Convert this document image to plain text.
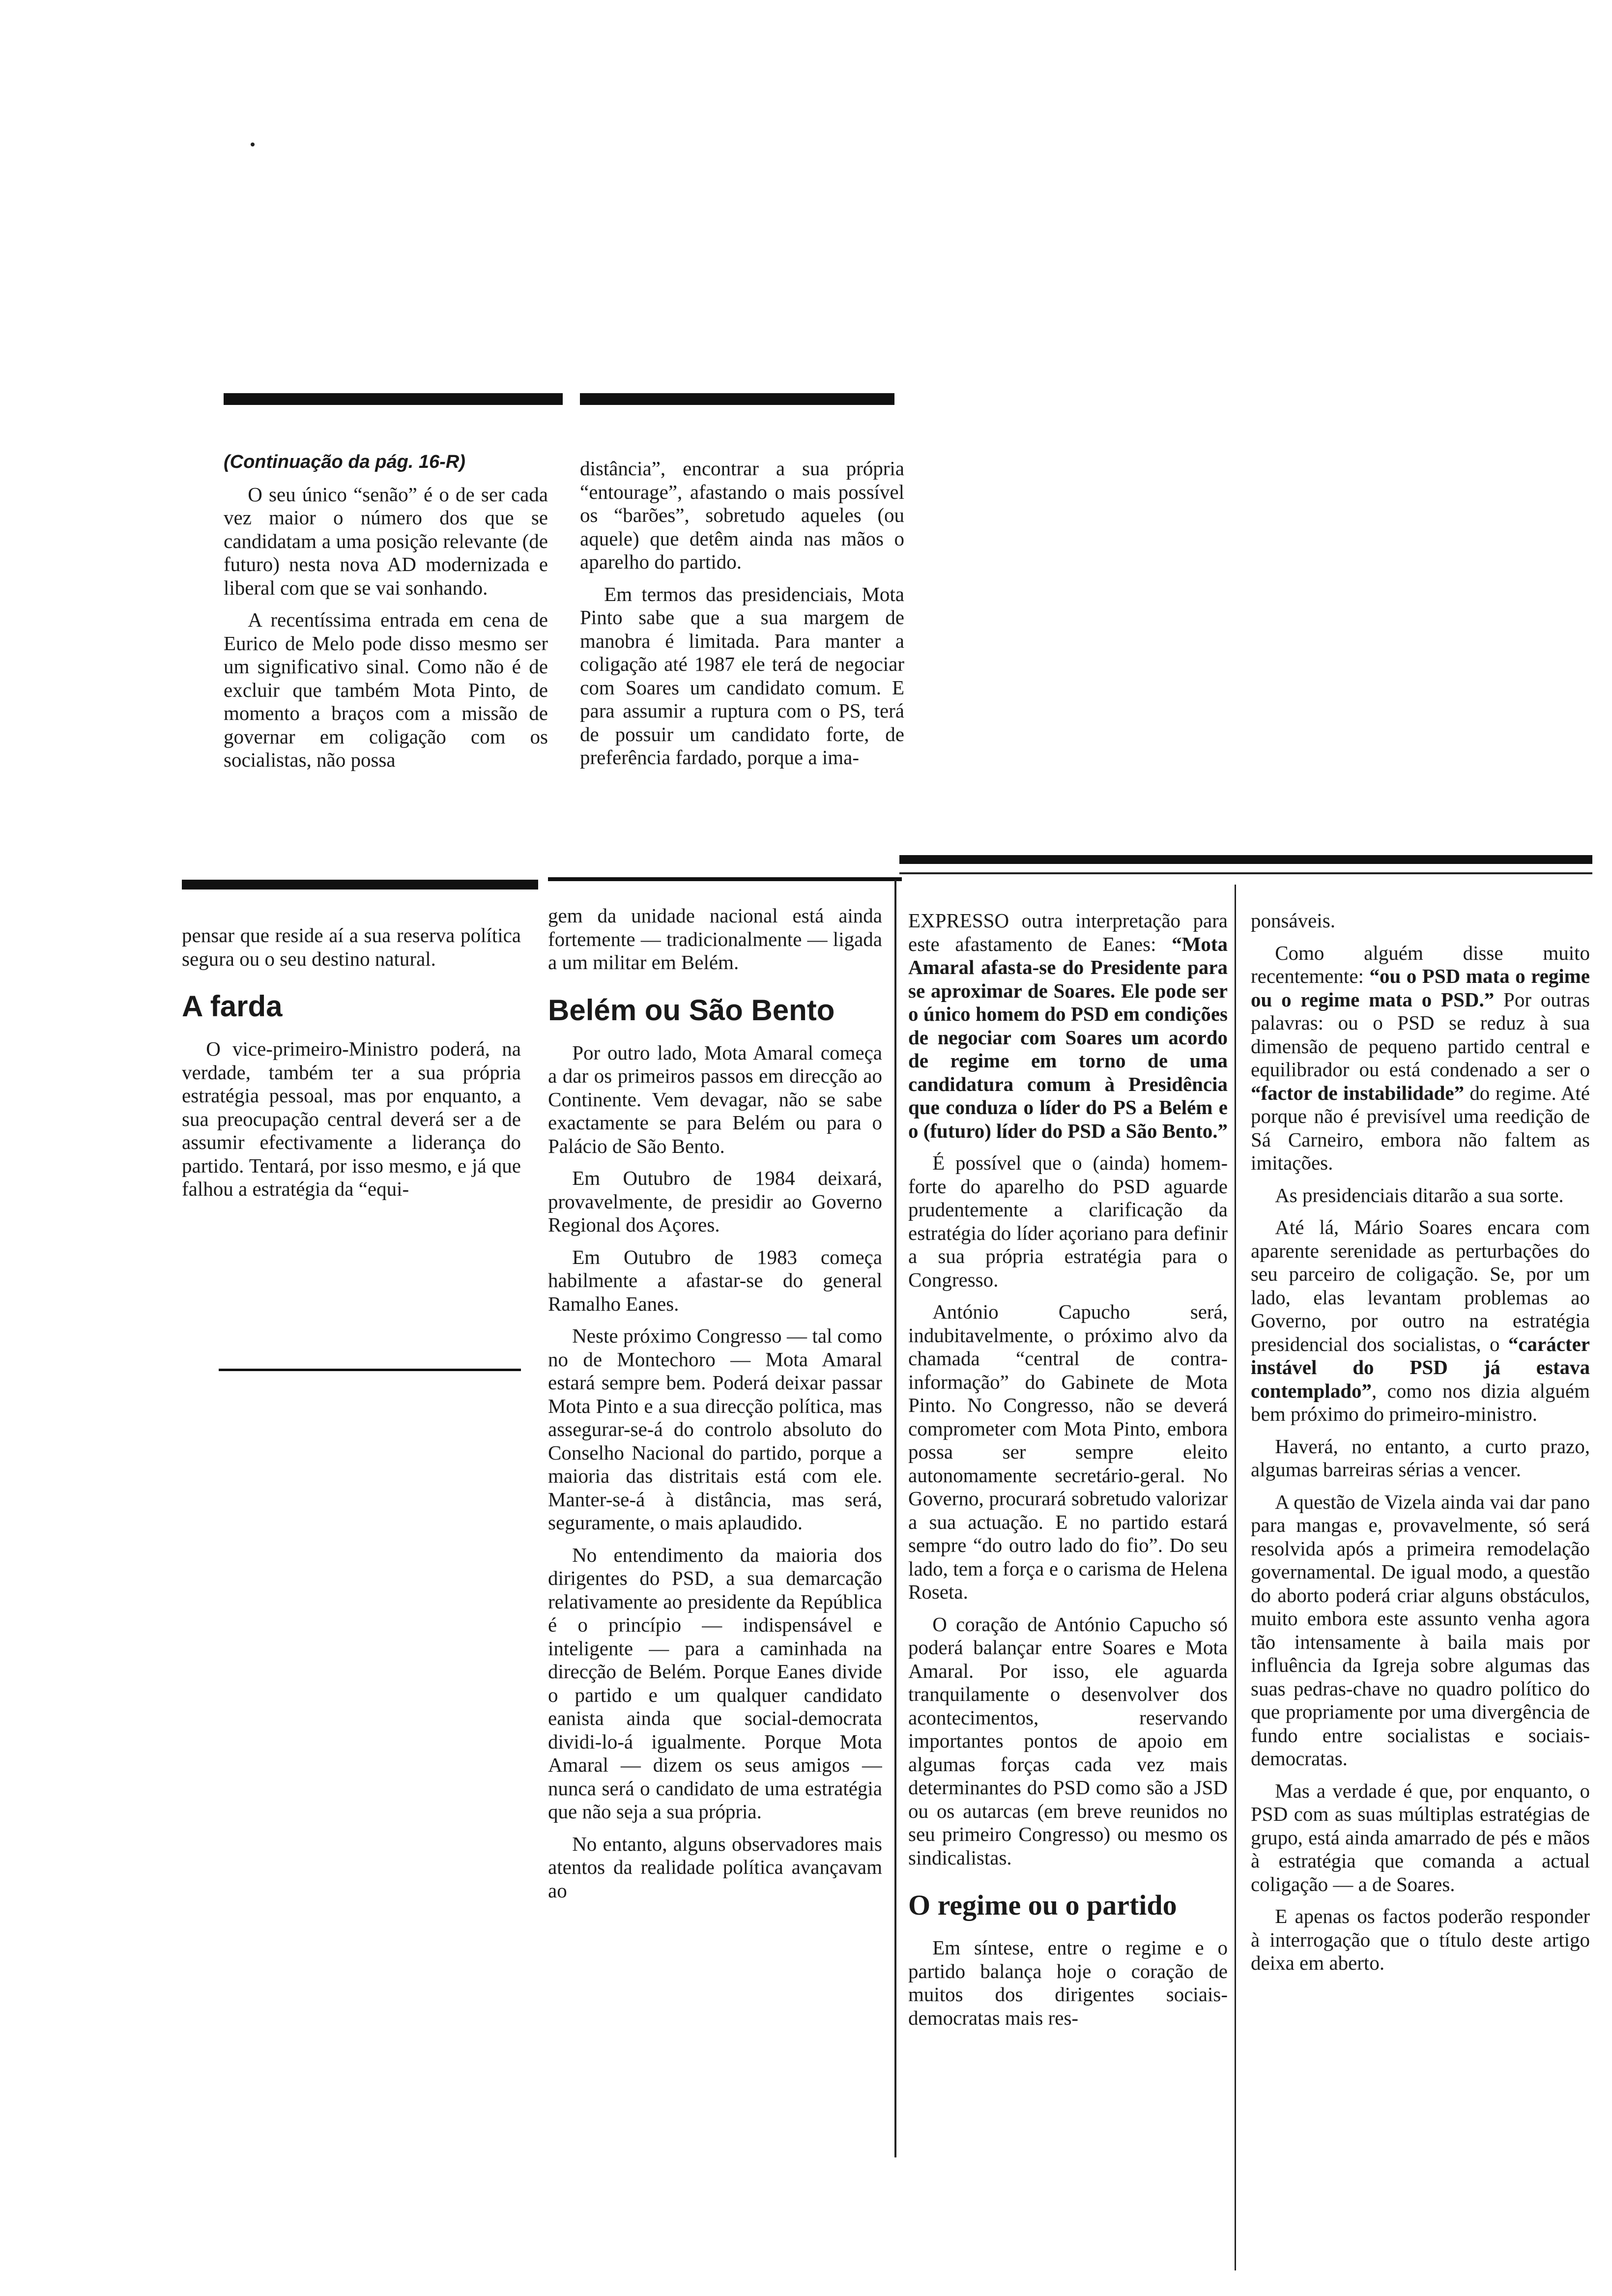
(Continuação da pág. 16-R)

O seu único “senão” é o de ser cada vez maior o número dos que se candidatam a uma posição relevante (de futuro) nesta nova AD modernizada e liberal com que se vai sonhando.

A recentíssima entrada em cena de Eurico de Melo pode disso mesmo ser um significativo sinal. Como não é de excluir que também Mota Pinto, de momento a braços com a missão de governar em coligação com os socialistas, não possa

distância”, encontrar a sua própria “entourage”, afastando o mais possível os “barões”, sobretudo aqueles (ou aquele) que detêm ainda nas mãos o aparelho do partido.

Em termos das presidenciais, Mota Pinto sabe que a sua margem de manobra é limitada. Para manter a coligação até 1987 ele terá de negociar com Soares um candidato comum. E para assumir a ruptura com o PS, terá de possuir um candidato forte, de preferência fardado, porque a ima-

pensar que reside aí a sua reserva política segura ou o seu destino natural.

A farda

O vice-primeiro-Ministro poderá, na verdade, também ter a sua própria estratégia pessoal, mas por enquanto, a sua preocupação central deverá ser a de assumir efectivamente a liderança do partido. Tentará, por isso mesmo, e já que falhou a estratégia da “equi-

gem da unidade nacional está ainda fortemente — tradicionalmente — ligada a um militar em Belém.

Belém ou São Bento

Por outro lado, Mota Amaral começa a dar os primeiros passos em direcção ao Continente. Vem devagar, não se sabe exactamente se para Belém ou para o Palácio de São Bento.

Em Outubro de 1984 deixará, provavelmente, de presidir ao Governo Regional dos Açores.

Em Outubro de 1983 começa habilmente a afastar-se do general Ramalho Eanes.

Neste próximo Congresso — tal como no de Montechoro — Mota Amaral estará sempre bem. Poderá deixar passar Mota Pinto e a sua direcção política, mas assegurar-se-á do controlo absoluto do Conselho Nacional do partido, porque a maioria das distritais está com ele. Manter-se-á à distância, mas será, seguramente, o mais aplaudido.

No entendimento da maioria dos dirigentes do PSD, a sua demarcação relativamente ao presidente da República é o princípio — indispensável e inteligente — para a caminhada na direcção de Belém. Porque Eanes divide o partido e um qualquer candidato eanista ainda que social-democrata dividi-lo-á igualmente. Porque Mota Amaral — dizem os seus amigos — nunca será o candidato de uma estratégia que não seja a sua própria.

No entanto, alguns observadores mais atentos da realidade política avançavam ao

EXPRESSO outra interpretação para este afastamento de Eanes: “Mota Amaral afasta-se do Presidente para se aproximar de Soares. Ele pode ser o único homem do PSD em condições de negociar com Soares um acordo de regime em torno de uma candidatura comum à Presidência que conduza o líder do PS a Belém e o (futuro) líder do PSD a São Bento.”

É possível que o (ainda) homem-forte do aparelho do PSD aguarde prudentemente a clarificação da estratégia do líder açoriano para definir a sua própria estratégia para o Congresso.

António Capucho será, indubitavelmente, o próximo alvo da chamada “central de contra-informação” do Gabinete de Mota Pinto. No Congresso, não se deverá comprometer com Mota Pinto, embora possa ser sempre eleito autonomamente secretário-geral. No Governo, procurará sobretudo valorizar a sua actuação. E no partido estará sempre “do outro lado do fio”. Do seu lado, tem a força e o carisma de Helena Roseta.

O coração de António Capucho só poderá balançar entre Soares e Mota Amaral. Por isso, ele aguarda tranquilamente o desenvolver dos acontecimentos, reservando importantes pontos de apoio em algumas forças cada vez mais determinantes do PSD como são a JSD ou os autarcas (em breve reunidos no seu primeiro Congresso) ou mesmo os sindicalistas.

O regime ou o partido

Em síntese, entre o regime e o partido balança hoje o coração de muitos dos dirigentes sociais-democratas mais res-

ponsáveis.

Como alguém disse muito recentemente: “ou o PSD mata o regime ou o regime mata o PSD.” Por outras palavras: ou o PSD se reduz à sua dimensão de pequeno partido central e equilibrador ou está condenado a ser o “factor de instabilidade” do regime. Até porque não é previsível uma reedição de Sá Carneiro, embora não faltem as imitações.

As presidenciais ditarão a sua sorte.

Até lá, Mário Soares encara com aparente serenidade as perturbações do seu parceiro de coligação. Se, por um lado, elas levantam problemas ao Governo, por outro na estratégia presidencial dos socialistas, o “carácter instável do PSD já estava contemplado”, como nos dizia alguém bem próximo do primeiro-ministro.

Haverá, no entanto, a curto prazo, algumas barreiras sérias a vencer.

A questão de Vizela ainda vai dar pano para mangas e, provavelmente, só será resolvida após a primeira remodelação governamental. De igual modo, a questão do aborto poderá criar alguns obstáculos, muito embora este assunto venha agora tão intensamente à baila mais por influência da Igreja sobre algumas das suas pedras-chave no quadro político do que propriamente por uma divergência de fundo entre socialistas e sociais-democratas.

Mas a verdade é que, por enquanto, o PSD com as suas múltiplas estratégias de grupo, está ainda amarrado de pés e mãos à estratégia que comanda a actual coligação — a de Soares.

E apenas os factos poderão responder à interrogação que o título deste artigo deixa em aberto.
